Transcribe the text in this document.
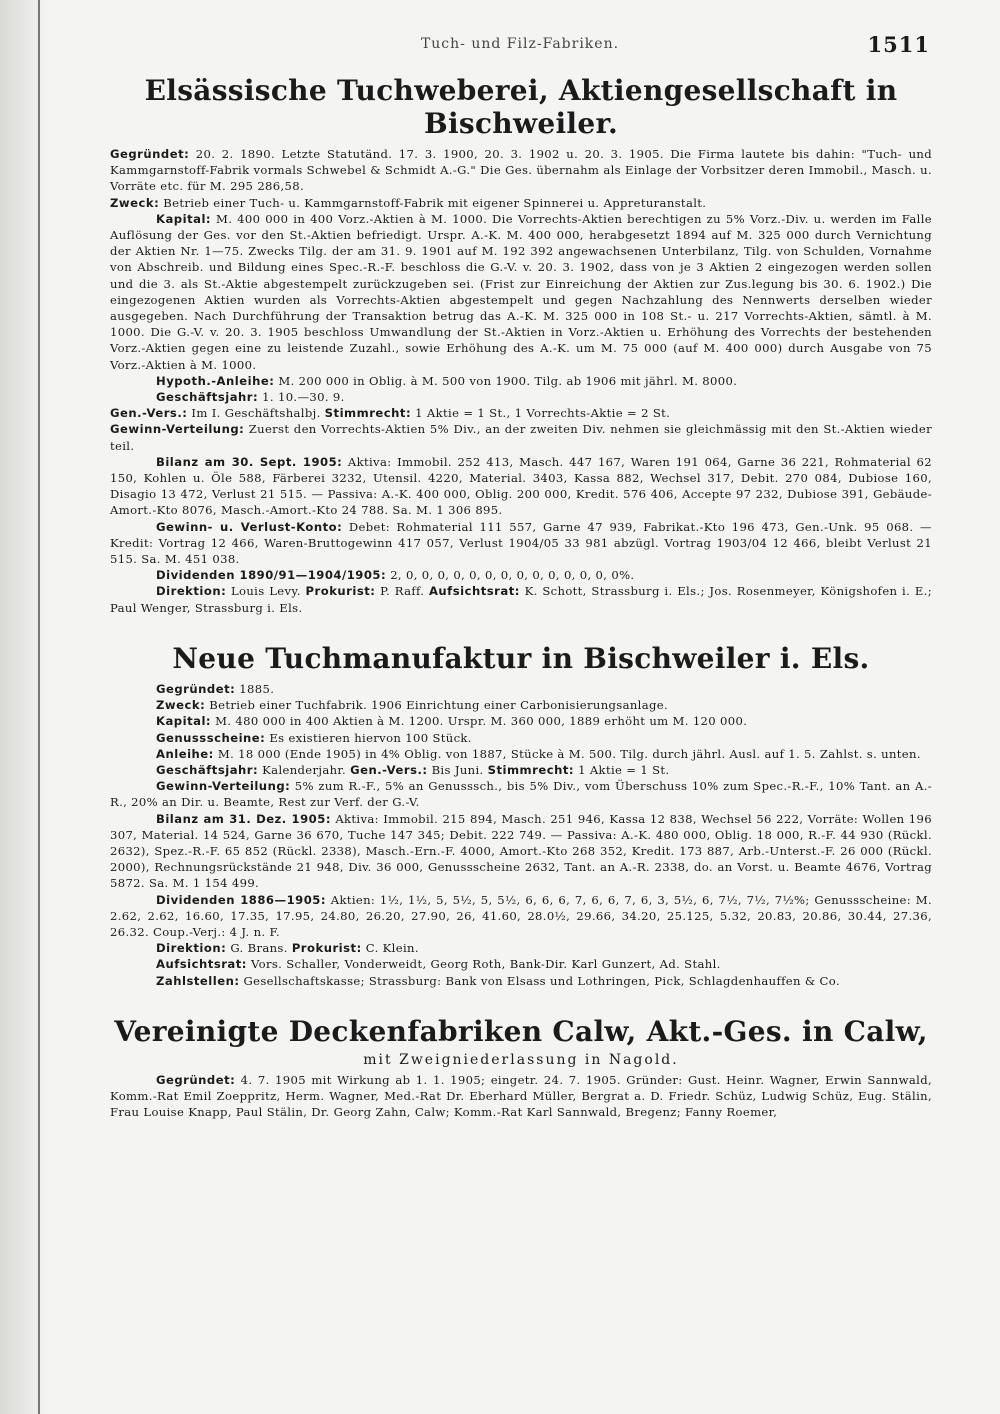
Tuch- und Filz-Fabriken.	1511
Elsässische Tuchweberei, Aktiengesellschaft in Bischweiler.

Gegründet: 20. 2. 1890. Letzte Statutänd. 17. 3. 1900, 20. 3. 1902 u. 20. 3. 1905. Die Firma lautete bis dahin: "Tuch- und Kammgarnstoff-Fabrik vormals Schwebel & Schmidt A.-G." Die Ges. übernahm als Einlage der Vorbsitzer deren Immobil., Masch. u. Vorräte etc. für M. 295 286,58.

Zweck: Betrieb einer Tuch- u. Kammgarnstoff-Fabrik mit eigener Spinnerei u. Appreturanstalt.

Kapital: M. 400 000 in 400 Vorz.-Aktien à M. 1000. Die Vorrechts-Aktien berechtigen zu 5% Vorz.-Div. u. werden im Falle Auflösung der Ges. vor den St.-Aktien befriedigt. Urspr. A.-K. M. 400 000, herabgesetzt 1894 auf M. 325 000 durch Vernichtung der Aktien Nr. 1—75. Zwecks Tilg. der am 31. 9. 1901 auf M. 192 392 angewachsenen Unterbilanz, Tilg. von Schulden, Vornahme von Abschreib. und Bildung eines Spec.-R.-F. beschloss die G.-V. v. 20. 3. 1902, dass von je 3 Aktien 2 eingezogen werden sollen und die 3. als St.-Aktie abgestempelt zurückzugeben sei. (Frist zur Einreichung der Aktien zur Zus.legung bis 30. 6. 1902.) Die eingezogenen Aktien wurden als Vorrechts-Aktien abgestempelt und gegen Nachzahlung des Nennwerts derselben wieder ausgegeben. Nach Durchführung der Transaktion betrug das A.-K. M. 325 000 in 108 St.- u. 217 Vorrechts-Aktien, sämtl. à M. 1000. Die G.-V. v. 20. 3. 1905 beschloss Umwandlung der St.-Aktien in Vorz.-Aktien u. Erhöhung des Vorrechts der bestehenden Vorz.-Aktien gegen eine zu leistende Zuzahl., sowie Erhöhung des A.-K. um M. 75 000 (auf M. 400 000) durch Ausgabe von 75 Vorz.-Aktien à M. 1000.

Hypoth.-Anleihe: M. 200 000 in Oblig. à M. 500 von 1900. Tilg. ab 1906 mit jährl. M. 8000.

Geschäftsjahr: 1. 10.—30. 9.

Gen.-Vers.: Im I. Geschäftshalbj. Stimmrecht: 1 Aktie = 1 St., 1 Vorrechts-Aktie = 2 St.

Gewinn-Verteilung: Zuerst den Vorrechts-Aktien 5% Div., an der zweiten Div. nehmen sie gleichmässig mit den St.-Aktien wieder teil.

Bilanz am 30. Sept. 1905: Aktiva: Immobil. 252 413, Masch. 447 167, Waren 191 064, Garne 36 221, Rohmaterial 62 150, Kohlen u. Öle 588, Färberei 3232, Utensil. 4220, Material. 3403, Kassa 882, Wechsel 317, Debit. 270 084, Dubiose 160, Disagio 13 472, Verlust 21 515. — Passiva: A.-K. 400 000, Oblig. 200 000, Kredit. 576 406, Accepte 97 232, Dubiose 391, Gebäude-Amort.-Kto 8076, Masch.-Amort.-Kto 24 788. Sa. M. 1 306 895.

Gewinn- u. Verlust-Konto: Debet: Rohmaterial 111 557, Garne 47 939, Fabrikat.-Kto 196 473, Gen.-Unk. 95 068. — Kredit: Vortrag 12 466, Waren-Bruttogewinn 417 057, Verlust 1904/05 33 981 abzügl. Vortrag 1903/04 12 466, bleibt Verlust 21 515. Sa. M. 451 038.

Dividenden 1890/91—1904/1905: 2, 0, 0, 0, 0, 0, 0, 0, 0, 0, 0, 0, 0, 0, 0%.

Direktion: Louis Levy. Prokurist: P. Raff. Aufsichtsrat: K. Schott, Strassburg i. Els.; Jos. Rosenmeyer, Königshofen i. E.; Paul Wenger, Strassburg i. Els.

Neue Tuchmanufaktur in Bischweiler i. Els.

Gegründet: 1885.

Zweck: Betrieb einer Tuchfabrik. 1906 Einrichtung einer Carbonisierungsanlage.

Kapital: M. 480 000 in 400 Aktien à M. 1200. Urspr. M. 360 000, 1889 erhöht um M. 120 000.

Genussscheine: Es existieren hiervon 100 Stück.

Anleihe: M. 18 000 (Ende 1905) in 4% Oblig. von 1887, Stücke à M. 500. Tilg. durch jährl. Ausl. auf 1. 5. Zahlst. s. unten.

Geschäftsjahr: Kalenderjahr. Gen.-Vers.: Bis Juni. Stimmrecht: 1 Aktie = 1 St.

Gewinn-Verteilung: 5% zum R.-F., 5% an Genusssch., bis 5% Div., vom Überschuss 10% zum Spec.-R.-F., 10% Tant. an A.-R., 20% an Dir. u. Beamte, Rest zur Verf. der G.-V.

Bilanz am 31. Dez. 1905: Aktiva: Immobil. 215 894, Masch. 251 946, Kassa 12 838, Wechsel 56 222, Vorräte: Wollen 196 307, Material. 14 524, Garne 36 670, Tuche 147 345; Debit. 222 749. — Passiva: A.-K. 480 000, Oblig. 18 000, R.-F. 44 930 (Rückl. 2632), Spez.-R.-F. 65 852 (Rückl. 2338), Masch.-Ern.-F. 4000, Amort.-Kto 268 352, Kredit. 173 887, Arb.-Unterst.-F. 26 000 (Rückl. 2000), Rechnungsrückstände 21 948, Div. 36 000, Genussscheine 2632, Tant. an A.-R. 2338, do. an Vorst. u. Beamte 4676, Vortrag 5872. Sa. M. 1 154 499.

Dividenden 1886—1905: Aktien: 1½, 1½, 5, 5½, 5, 5½, 6, 6, 6, 7, 6, 6, 7, 6, 3, 5½, 6, 7½, 7½, 7½%; Genussscheine: M. 2.62, 2.62, 16.60, 17.35, 17.95, 24.80, 26.20, 27.90, 26, 41.60, 28.0½, 29.66, 34.20, 25.125, 5.32, 20.83, 20.86, 30.44, 27.36, 26.32. Coup.-Verj.: 4 J. n. F.

Direktion: G. Brans. Prokurist: C. Klein.

Aufsichtsrat: Vors. Schaller, Vonderweidt, Georg Roth, Bank-Dir. Karl Gunzert, Ad. Stahl.

Zahlstellen: Gesellschaftskasse; Strassburg: Bank von Elsass und Lothringen, Pick, Schlagdenhauffen & Co.

Vereinigte Deckenfabriken Calw, Akt.-Ges. in Calw,
mit Zweigniederlassung in Nagold.

Gegründet: 4. 7. 1905 mit Wirkung ab 1. 1. 1905; eingetr. 24. 7. 1905. Gründer: Gust. Heinr. Wagner, Erwin Sannwald, Komm.-Rat Emil Zoeppritz, Herm. Wagner, Med.-Rat Dr. Eberhard Müller, Bergrat a. D. Friedr. Schüz, Ludwig Schüz, Eug. Stälin, Frau Louise Knapp, Paul Stälin, Dr. Georg Zahn, Calw; Komm.-Rat Karl Sannwald, Bregenz; Fanny Roemer,
